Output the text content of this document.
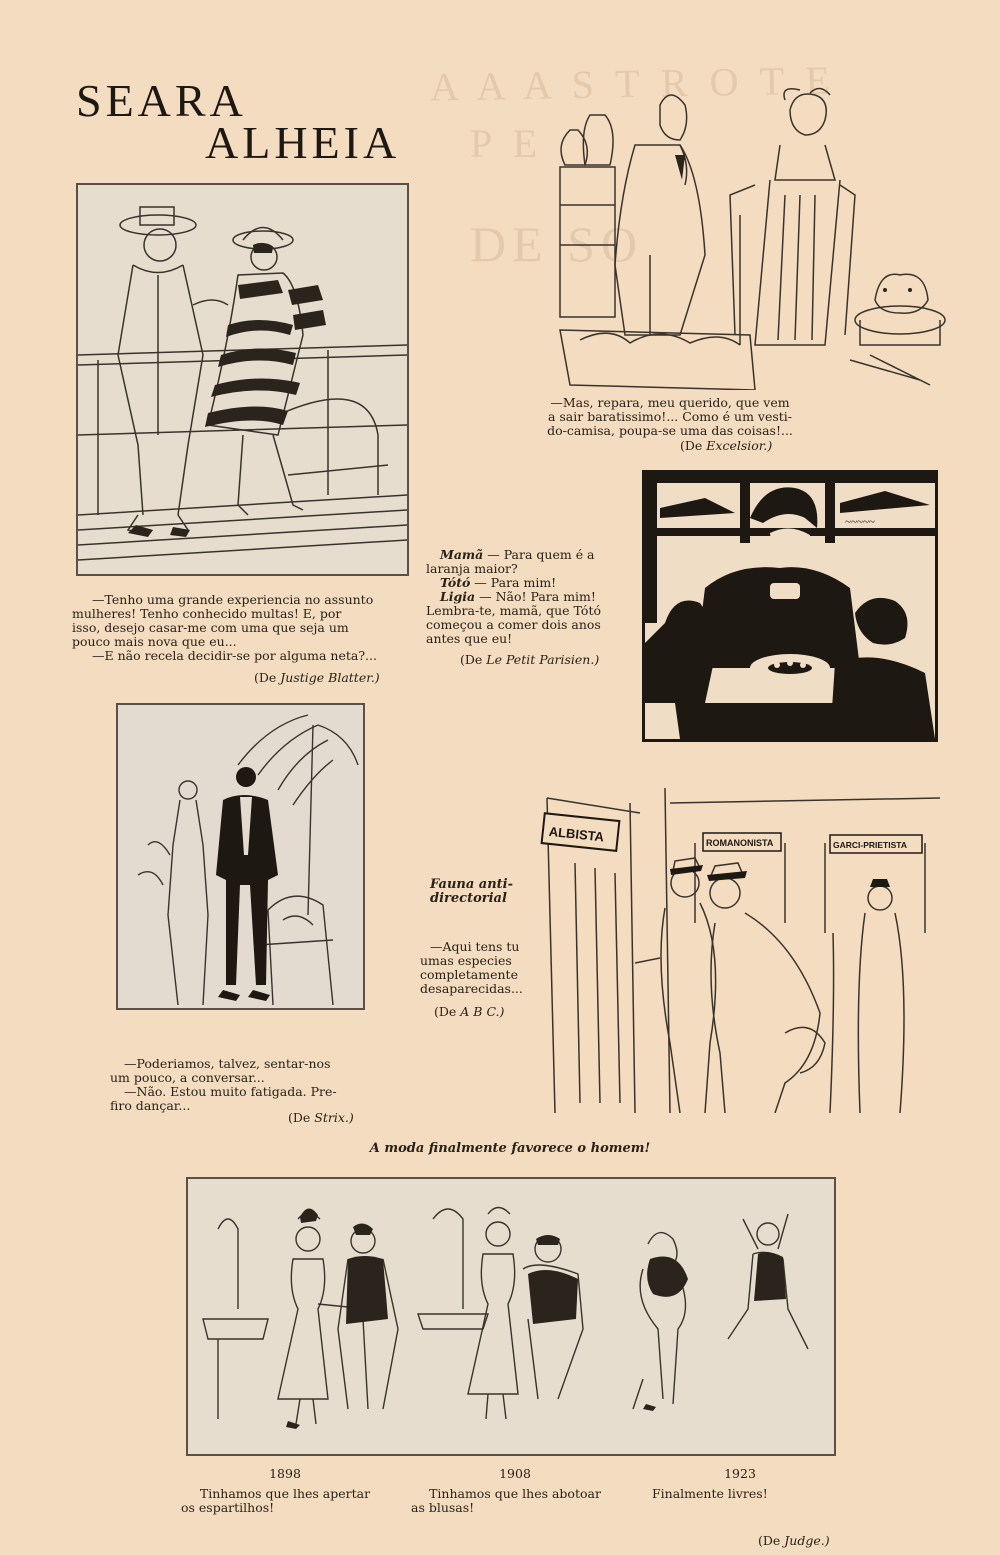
A A A S T R O T E
P E
DE SO
SEARA
ALHEIA
—Tenho uma grande experiencia no assunto
mulheres! Tenho conhecido multas! E, por
isso, desejo casar-me com uma que seja um
pouco mais nova que eu...
—E não recela decidir-se por alguma neta?...
(De Justige Blatter.)
—Mas, repara, meu querido, que vem
a sair baratissimo!... Como é um vesti-
do-camisa, poupa-se uma das coisas!...
(De Excelsior.)
~~~~~
Mamã — Para quem é a
laranja maior?
Tótó — Para mim!
Ligia — Não! Para mim!
Lembra-te, mamã, que Tótó
começou a comer dois anos
antes que eu!
(De Le Petit Parisien.)
—Poderiamos, talvez, sentar-nos
um pouco, a conversar...
—Não. Estou muito fatigada. Pre-
firo dançar...
(De Strix.)
Fauna anti-
directorial
—Aqui tens tu
umas especies
completamente
desaparecidas...
(De A B C.)
ALBISTA	ROMANONISTA	GARCI-PRIETISTA
A moda finalmente favorece o homem!
1898
Tinhamos que lhes apertar
os espartilhos!
1908
Tinhamos que lhes abotoar
as blusas!
1923
Finalmente livres!
(De Judge.)
